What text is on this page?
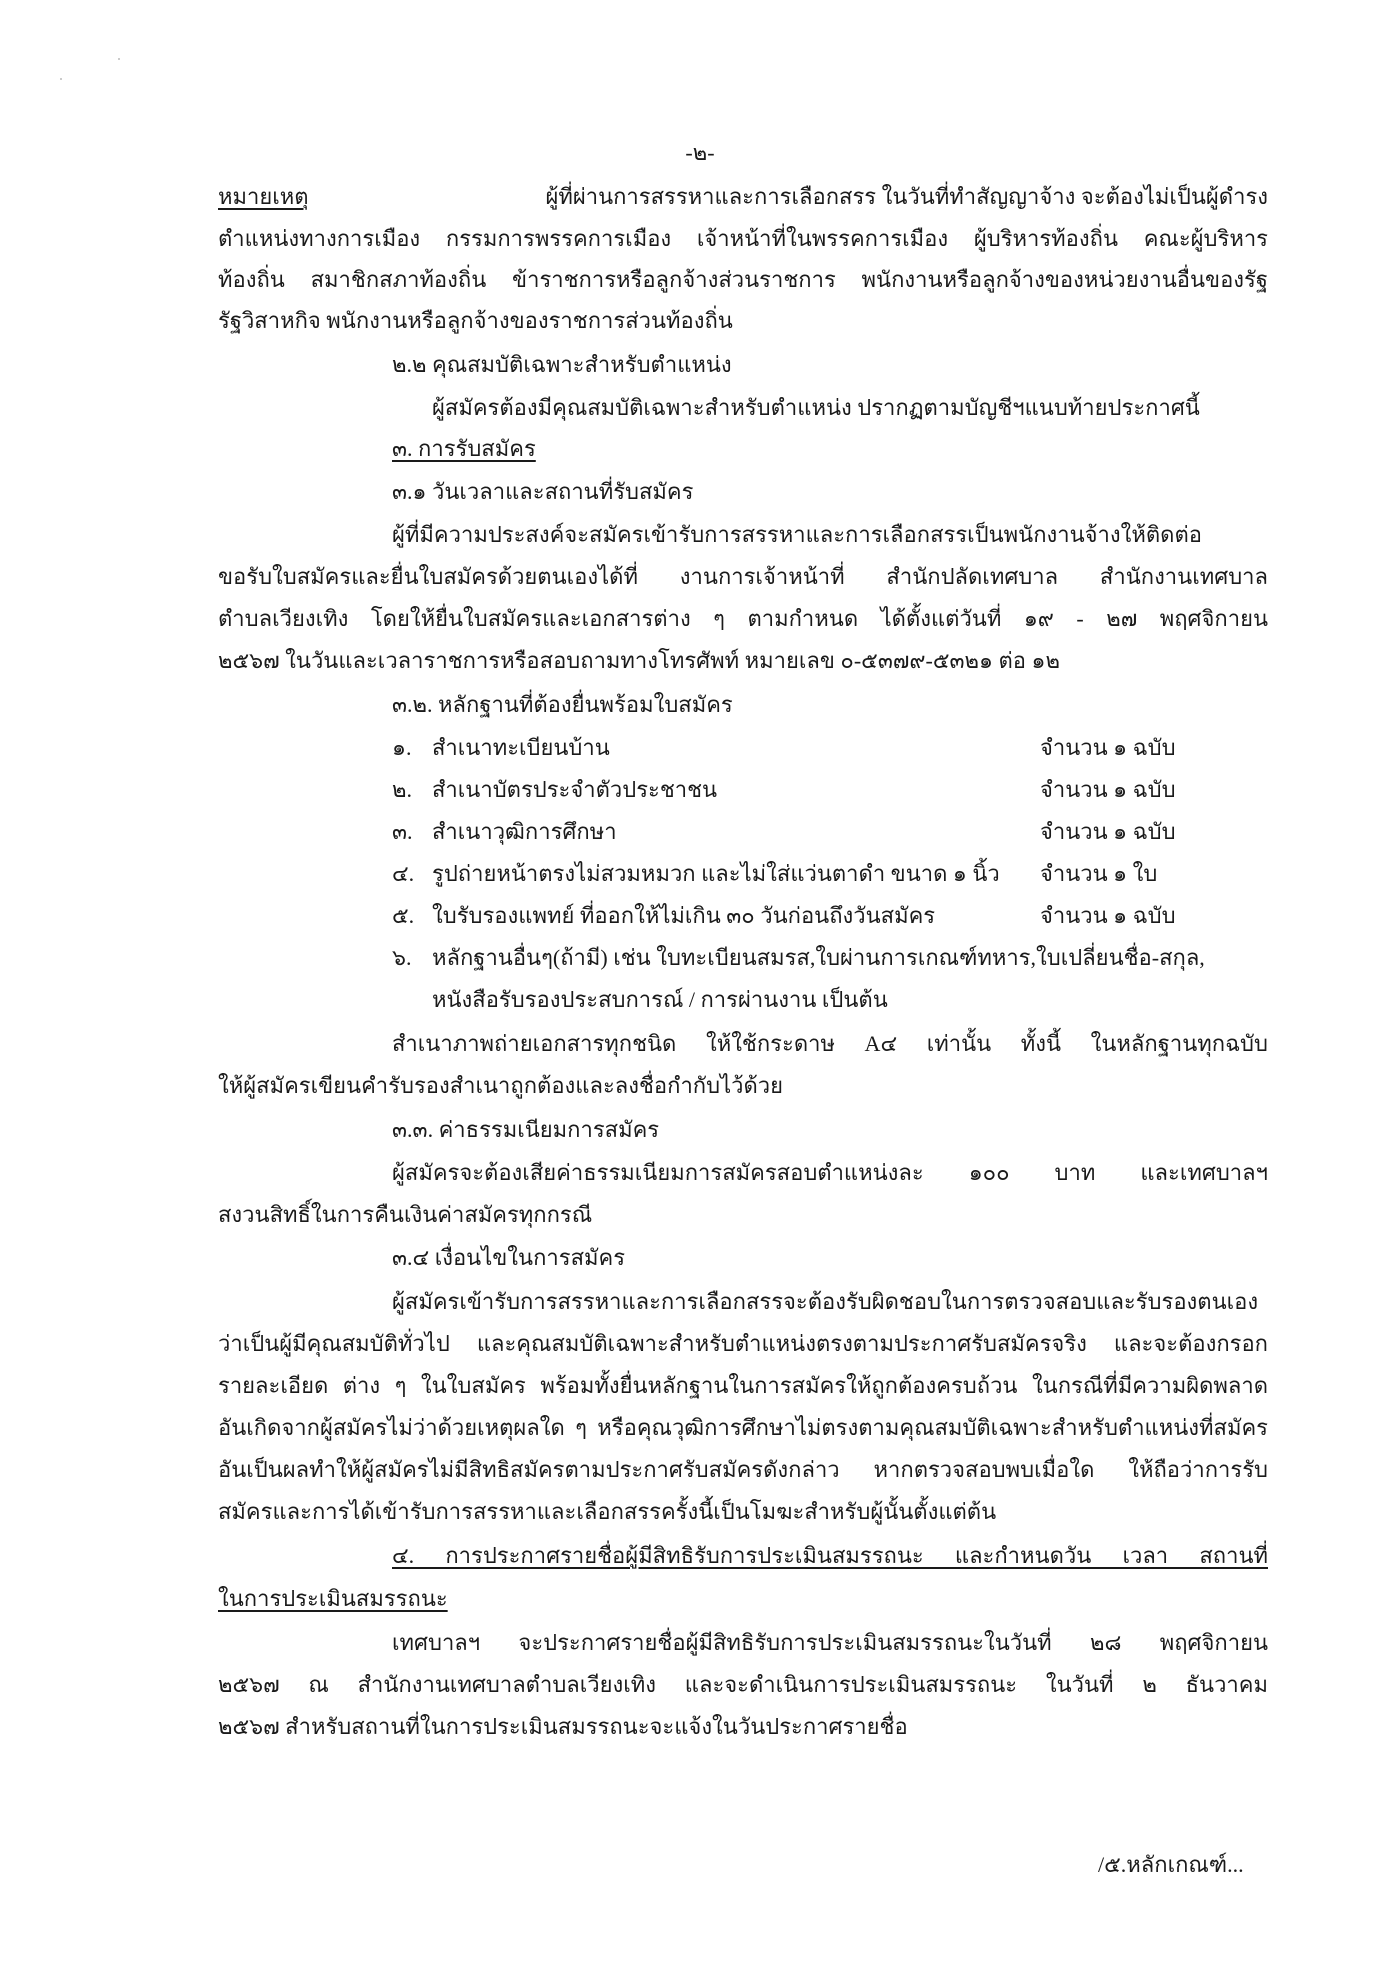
-๒-
หมายเหตุ	ผู้ที่ผ่านการสรรหาและการเลือกสรร ในวันที่ทำสัญญาจ้าง จะต้องไม่เป็นผู้ดำรง
ตำแหน่งทางการเมือง กรรมการพรรคการเมือง เจ้าหน้าที่ในพรรคการเมือง ผู้บริหารท้องถิ่น คณะผู้บริหาร
ท้องถิ่น สมาชิกสภาท้องถิ่น ข้าราชการหรือลูกจ้างส่วนราชการ พนักงานหรือลูกจ้างของหน่วยงานอื่นของรัฐ
รัฐวิสาหกิจ พนักงานหรือลูกจ้างของราชการส่วนท้องถิ่น
๒.๒ คุณสมบัติเฉพาะสำหรับตำแหน่ง
ผู้สมัครต้องมีคุณสมบัติเฉพาะสำหรับตำแหน่ง ปรากฏตามบัญชีฯแนบท้ายประกาศนี้
๓. การรับสมัคร
๓.๑ วันเวลาและสถานที่รับสมัคร
ผู้ที่มีความประสงค์จะสมัครเข้ารับการสรรหาและการเลือกสรรเป็นพนักงานจ้างให้ติดต่อ
ขอรับใบสมัครและยื่นใบสมัครด้วยตนเองได้ที่ งานการเจ้าหน้าที่ สำนักปลัดเทศบาล สำนักงานเทศบาล
ตำบลเวียงเทิง โดยให้ยื่นใบสมัครและเอกสารต่าง ๆ ตามกำหนด ได้ตั้งแต่วันที่ ๑๙ - ๒๗ พฤศจิกายน
๒๕๖๗ ในวันและเวลาราชการหรือสอบถามทางโทรศัพท์ หมายเลข ๐-๕๓๗๙-๕๓๒๑ ต่อ ๑๒
๓.๒. หลักฐานที่ต้องยื่นพร้อมใบสมัคร
๑. สำเนาทะเบียนบ้าน	จำนวน ๑ ฉบับ
๒. สำเนาบัตรประจำตัวประชาชน	จำนวน ๑ ฉบับ
๓. สำเนาวุฒิการศึกษา	จำนวน ๑ ฉบับ
๔. รูปถ่ายหน้าตรงไม่สวมหมวก และไม่ใส่แว่นตาดำ ขนาด ๑ นิ้ว จำนวน ๑ ใบ
๕. ใบรับรองแพทย์ ที่ออกให้ไม่เกิน ๓๐ วันก่อนถึงวันสมัคร	จำนวน ๑ ฉบับ
๖. หลักฐานอื่นๆ(ถ้ามี) เช่น ใบทะเบียนสมรส,ใบผ่านการเกณฑ์ทหาร,ใบเปลี่ยนชื่อ-สกุล,
หนังสือรับรองประสบการณ์ / การผ่านงาน เป็นต้น
สำเนาภาพถ่ายเอกสารทุกชนิด ให้ใช้กระดาษ A๔ เท่านั้น ทั้งนี้ ในหลักฐานทุกฉบับ
ให้ผู้สมัครเขียนคำรับรองสำเนาถูกต้องและลงชื่อกำกับไว้ด้วย
๓.๓. ค่าธรรมเนียมการสมัคร
ผู้สมัครจะต้องเสียค่าธรรมเนียมการสมัครสอบตำแหน่งละ ๑๐๐ บาท และเทศบาลฯ
สงวนสิทธิ์ในการคืนเงินค่าสมัครทุกกรณี
๓.๔ เงื่อนไขในการสมัคร
ผู้สมัครเข้ารับการสรรหาและการเลือกสรรจะต้องรับผิดชอบในการตรวจสอบและรับรองตนเอง
ว่าเป็นผู้มีคุณสมบัติทั่วไป และคุณสมบัติเฉพาะสำหรับตำแหน่งตรงตามประกาศรับสมัครจริง และจะต้องกรอก
รายละเอียด ต่าง ๆ ในใบสมัคร พร้อมทั้งยื่นหลักฐานในการสมัครให้ถูกต้องครบถ้วน ในกรณีที่มีความผิดพลาด
อันเกิดจากผู้สมัครไม่ว่าด้วยเหตุผลใด ๆ หรือคุณวุฒิการศึกษาไม่ตรงตามคุณสมบัติเฉพาะสำหรับตำแหน่งที่สมัคร
อันเป็นผลทำให้ผู้สมัครไม่มีสิทธิสมัครตามประกาศรับสมัครดังกล่าว หากตรวจสอบพบเมื่อใด ให้ถือว่าการรับ
สมัครและการได้เข้ารับการสรรหาและเลือกสรรครั้งนี้เป็นโมฆะสำหรับผู้นั้นตั้งแต่ต้น
๔. การประกาศรายชื่อผู้มีสิทธิรับการประเมินสมรรถนะ และกำหนดวัน เวลา สถานที่
ในการประเมินสมรรถนะ
เทศบาลฯ จะประกาศรายชื่อผู้มีสิทธิรับการประเมินสมรรถนะในวันที่ ๒๘ พฤศจิกายน
๒๕๖๗ ณ สำนักงานเทศบาลตำบลเวียงเทิง และจะดำเนินการประเมินสมรรถนะ ในวันที่ ๒ ธันวาคม
๒๕๖๗ สำหรับสถานที่ในการประเมินสมรรถนะจะแจ้งในวันประกาศรายชื่อ
/๕.หลักเกณฑ์...
